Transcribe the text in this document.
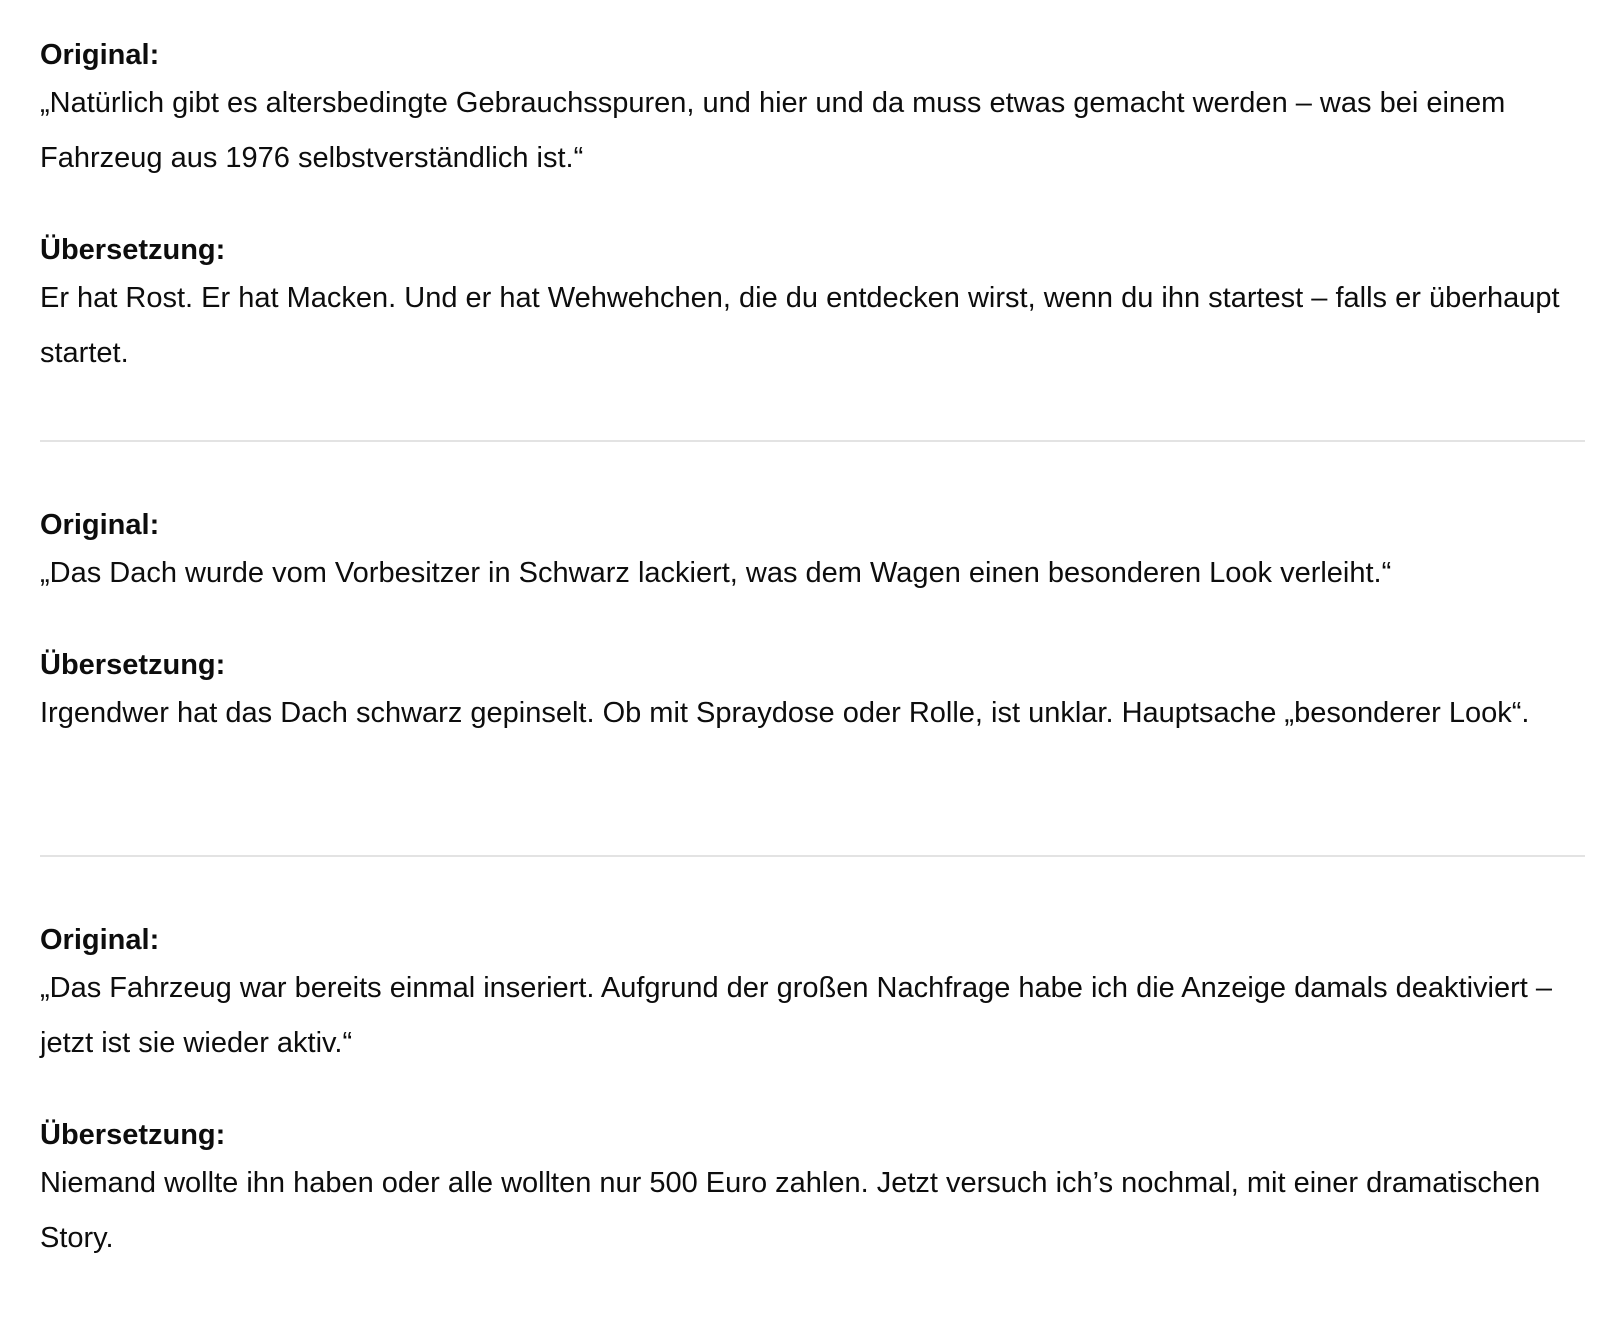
Original:

„Natürlich gibt es altersbedingte Gebrauchsspuren, und hier und da muss etwas gemacht werden – was bei einem Fahrzeug aus 1976 selbstverständlich ist.“

Übersetzung:

Er hat Rost. Er hat Macken. Und er hat Wehwehchen, die du entdecken wirst, wenn du ihn startest – falls er überhaupt startet.

Original:

„Das Dach wurde vom Vorbesitzer in Schwarz lackiert, was dem Wagen einen besonderen Look verleiht.“

Übersetzung:

Irgendwer hat das Dach schwarz gepinselt. Ob mit Spraydose oder Rolle, ist unklar. Hauptsache „besonderer Look“.

Original:

„Das Fahrzeug war bereits einmal inseriert. Aufgrund der großen Nachfrage habe ich die Anzeige damals deaktiviert – jetzt ist sie wieder aktiv.“

Übersetzung:

Niemand wollte ihn haben oder alle wollten nur 500 Euro zahlen. Jetzt versuch ich’s nochmal, mit einer dramatischen Story.
